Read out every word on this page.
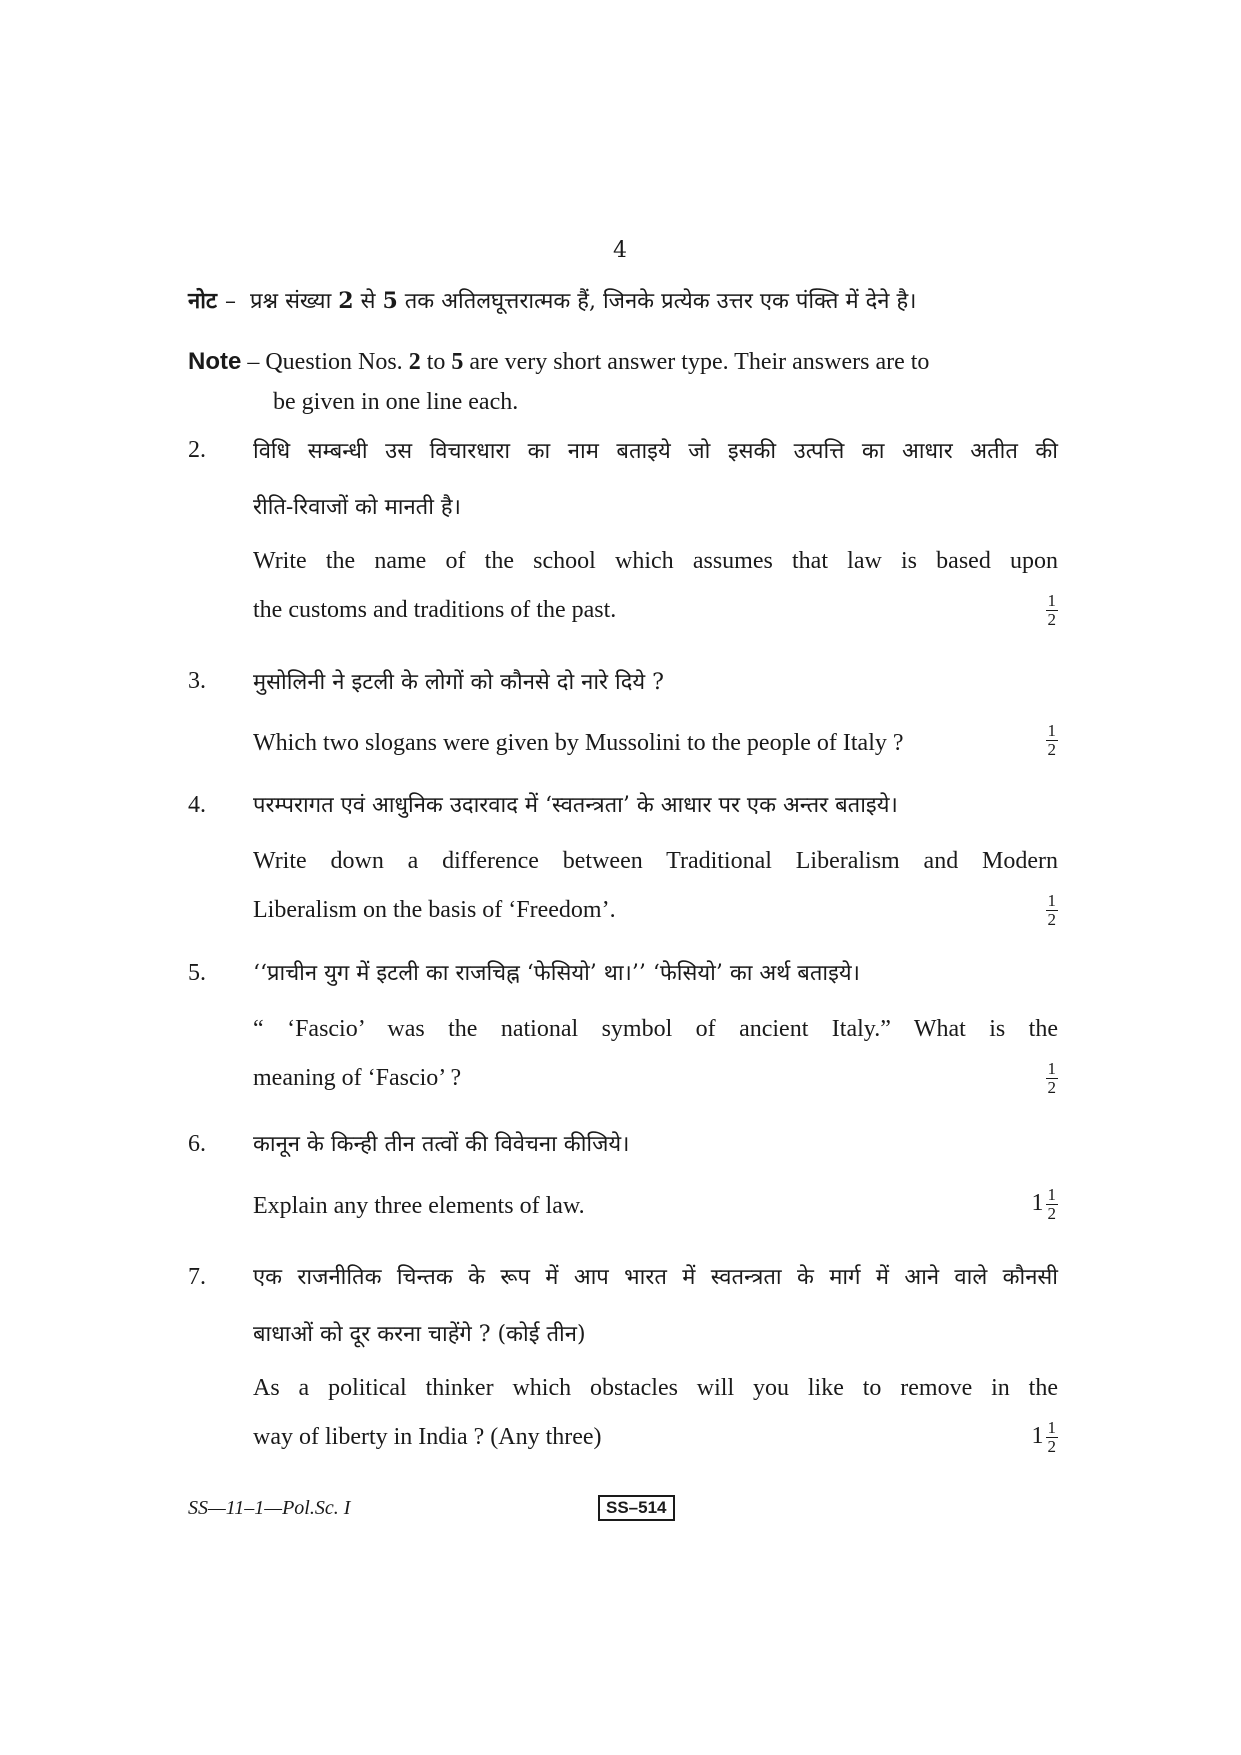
4
नोट – प्रश्न संख्या 2 से 5 तक अतिलघूत्तरात्मक हैं, जिनके प्रत्येक उत्तर एक पंक्ति में देने है।
Note – Question Nos. 2 to 5 are very short answer type. Their answers are to
be given in one line each.
2. विधि सम्बन्धी उस विचारधारा का नाम बताइये जो इसकी उत्पत्ति का आधार अतीत की
रीति-रिवाजों को मानती है।
Write the name of the school which assumes that law is based upon
the customs and traditions of the past.	$\frac{1}{2}$
3. मुसोलिनी ने इटली के लोगों को कौनसे दो नारे दिये ?
Which two slogans were given by Mussolini to the people of Italy ?	$\frac{1}{2}$
4. परम्परागत एवं आधुनिक उदारवाद में ‘स्वतन्त्रता’ के आधार पर एक अन्तर बताइये।
Write down a difference between Traditional Liberalism and Modern
Liberalism on the basis of ‘Freedom’.	$\frac{1}{2}$
5. ‘‘प्राचीन युग में इटली का राजचिह्न ‘फेसियो’ था।’’ ‘फेसियो’ का अर्थ बताइये।
“ ‘Fascio’ was the national symbol of ancient Italy.” What is the
meaning of ‘Fascio’ ?	$\frac{1}{2}$
6. कानून के किन्ही तीन तत्वों की विवेचना कीजिये।
Explain any three elements of law.	$1 \frac{1}{2}$
7. एक राजनीतिक चिन्तक के रूप में आप भारत में स्वतन्त्रता के मार्ग में आने वाले कौनसी
बाधाओं को दूर करना चाहेंगे ? (कोई तीन)
As a political thinker which obstacles will you like to remove in the
way of liberty in India ? (Any three)	$1 \frac{1}{2}$
SS—11–1—Pol.Sc. I	SS–514
